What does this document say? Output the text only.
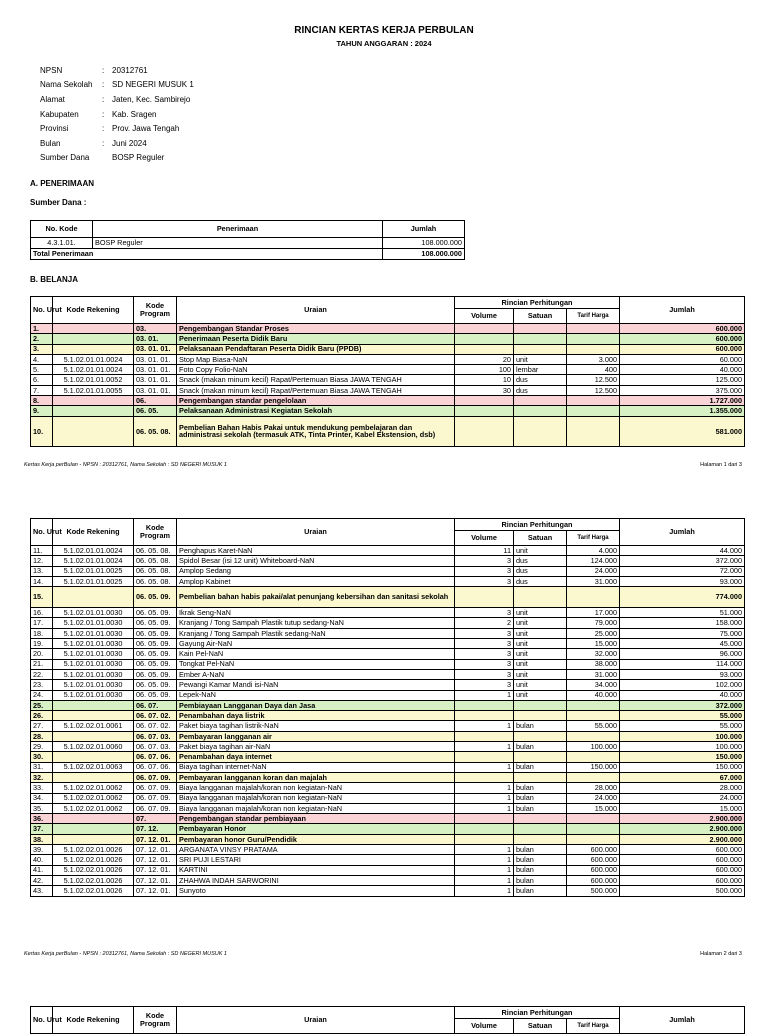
RINCIAN KERTAS KERJA PERBULAN
TAHUN ANGGARAN : 2024
NPSN	: 20312761
Nama Sekolah	: SD NEGERI MUSUK 1
Alamat	: Jaten, Kec. Sambirejo
Kabupaten	: Kab. Sragen
Provinsi	: Prov. Jawa Tengah
Bulan	: Juni 2024
Sumber Dana	BOSP Reguler
A. PENERIMAAN
Sumber Dana :
No. Kode	Penerimaan	Jumlah
4.3.1.01.	BOSP Reguler	108.000.000
Total Penerimaan		108.000.000
B. BELANJA
No. Urut	Kode Rekening	Kode Program	Uraian	Rincian Perhitungan			Jumlah
				Volume	Satuan	Tarif Harga	
1.		03.	Pengembangan Standar Proses				600.000
2.		03. 01.	Penerimaan Peserta Didik Baru				600.000
3.		03. 01. 01.	Pelaksanaan Pendaftaran Peserta Didik Baru (PPDB)				600.000
4.	5.1.02.01.01.0024	03. 01. 01.	Stop Map Biasa-NaN	20	unit	3.000	60.000
5.	5.1.02.01.01.0024	03. 01. 01.	Foto Copy Folio-NaN	100	lembar	400	40.000
6.	5.1.02.01.01.0052	03. 01. 01.	Snack (makan minum kecil) Rapat/Pertemuan Biasa JAWA TENGAH	10	dus	12.500	125.000
7.	5.1.02.01.01.0055	03. 01. 01.	Snack (makan minum kecil) Rapat/Pertemuan Biasa JAWA TENGAH	30	dus	12.500	375.000
8.		06.	Pengembangan standar pengelolaan				1.727.000
9.		06. 05.	Pelaksanaan Administrasi Kegiatan Sekolah				1.355.000
10.		06. 05. 08.	Pembelian Bahan Habis Pakai untuk mendukung pembelajaran dan administrasi sekolah (termasuk ATK, Tinta Printer, Kabel Ekstension, dsb)				581.000
Kertas Kerja perBulan - NPSN : 20312761, Nama Sekolah : SD NEGERI MUSUK 1	Halaman 1 dari 3
No. Urut	Kode Rekening	Kode Program	Uraian	Rincian Perhitungan			Jumlah
				Volume	Satuan	Tarif Harga	
11.	5.1.02.01.01.0024	06. 05. 08.	Penghapus Karet-NaN	11	unit	4.000	44.000
12.	5.1.02.01.01.0024	06. 05. 08.	Spidol Besar (isi 12 unit) Whiteboard-NaN	3	dus	124.000	372.000
13.	5.1.02.01.01.0025	06. 05. 08.	Amplop Sedang	3	dus	24.000	72.000
14.	5.1.02.01.01.0025	06. 05. 08.	Amplop Kabinet	3	dus	31.000	93.000
15.		06. 05. 09.	Pembelian bahan habis pakai/alat penunjang kebersihan dan sanitasi sekolah				774.000
16.	5.1.02.01.01.0030	06. 05. 09.	Ikrak Seng-NaN	3	unit	17.000	51.000
17.	5.1.02.01.01.0030	06. 05. 09.	Kranjang / Tong Sampah Plastik tutup sedang-NaN	2	unit	79.000	158.000
18.	5.1.02.01.01.0030	06. 05. 09.	Kranjang / Tong Sampah Plastik sedang-NaN	3	unit	25.000	75.000
19.	5.1.02.01.01.0030	06. 05. 09.	Gayung Air-NaN	3	unit	15.000	45.000
20.	5.1.02.01.01.0030	06. 05. 09.	Kain Pel-NaN	3	unit	32.000	96.000
21.	5.1.02.01.01.0030	06. 05. 09.	Tongkat Pel-NaN	3	unit	38.000	114.000
22.	5.1.02.01.01.0030	06. 05. 09.	Ember A-NaN	3	unit	31.000	93.000
23.	5.1.02.01.01.0030	06. 05. 09.	Pewangi Kamar Mandi isi-NaN	3	unit	34.000	102.000
24.	5.1.02.01.01.0030	06. 05. 09.	Lepek-NaN	1	unit	40.000	40.000
25.		06. 07.	Pembiayaan Langganan Daya dan Jasa				372.000
26.		06. 07. 02.	Penambahan daya listrik				55.000
27.	5.1.02.02.01.0061	06. 07. 02.	Paket biaya tagihan listrik-NaN	1	bulan	55.000	55.000
28.		06. 07. 03.	Pembayaran langganan air				100.000
29.	5.1.02.02.01.0060	06. 07. 03.	Paket biaya tagihan air-NaN	1	bulan	100.000	100.000
30.		06. 07. 06.	Penambahan daya internet				150.000
31.	5.1.02.02.01.0063	06. 07. 06.	Biaya tagihan internet-NaN	1	bulan	150.000	150.000
32.		06. 07. 09.	Pembayaran langganan koran dan majalah				67.000
33.	5.1.02.02.01.0062	06. 07. 09.	Biaya langganan majalah/koran non kegiatan-NaN	1	bulan	28.000	28.000
34.	5.1.02.02.01.0062	06. 07. 09.	Biaya langganan majalah/koran non kegiatan-NaN	1	bulan	24.000	24.000
35.	5.1.02.02.01.0062	06. 07. 09.	Biaya langganan majalah/koran non kegiatan-NaN	1	bulan	15.000	15.000
36.		07.	Pengembangan standar pembiayaan				2.900.000
37.		07. 12.	Pembayaran Honor				2.900.000
38.		07. 12. 01.	Pembayaran honor Guru/Pendidik				2.900.000
39.	5.1.02.02.01.0026	07. 12. 01.	ARGANATA VINSY PRATAMA	1	bulan	600.000	600.000
40.	5.1.02.02.01.0026	07. 12. 01.	SRI PUJI LESTARI	1	bulan	600.000	600.000
41.	5.1.02.02.01.0026	07. 12. 01.	KARTINI	1	bulan	600.000	600.000
42.	5.1.02.02.01.0026	07. 12. 01.	ZHAHWA INDAH SARWORINI	1	bulan	600.000	600.000
43.	5.1.02.02.01.0026	07. 12. 01.	Sunyoto	1	bulan	500.000	500.000
Kertas Kerja perBulan - NPSN : 20312761, Nama Sekolah : SD NEGERI MUSUK 1	Halaman 2 dari 3
No. Urut	Kode Rekening	Kode Program	Uraian	Rincian Perhitungan			Jumlah
				Volume	Satuan	Tarif Harga	
